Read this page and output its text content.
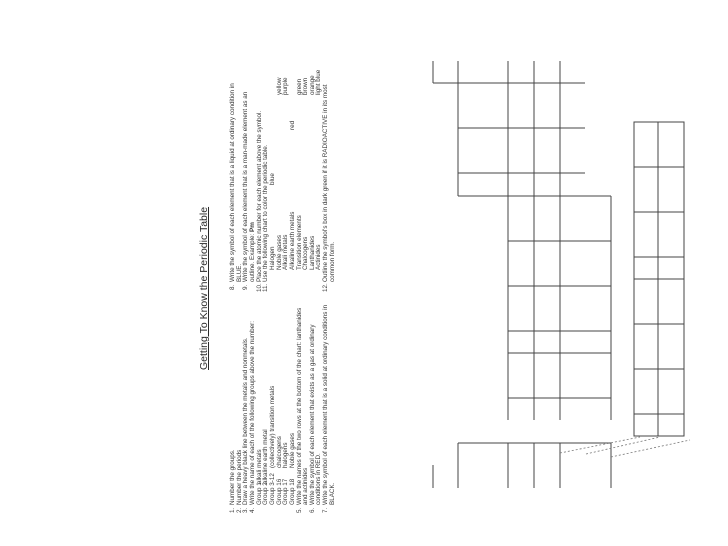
Getting To Know the Periodic Table
1.
Number the groups.
2.
Number the periods
3.
Draw a heavy black line between the metals and nonmetals.
4.
Write the name of each of the following groups above the number: Group 1
alkali metals
Group 2
alkaline earth metal
Group 3-12
(collectively) transition metals
Group 16
chalcogens
Group 17
halogens
Group 18
Noble gases
5.
Write the names of the two rows at the bottom of the chart: lanthanides and actinides
6.
Write the symbol of each element that exists as a gas at ordinary conditions in RED.
7.
Write the symbol of each element that is a solid at ordinary conditions in BLACK.
8.
Write the symbol of each element that is a liquid at ordinary condition in BLUE.
9.
Write the symbol of each element that is a man-made element as an outline. Example: Pm
10.
Place the atomic number for each element above the symbol.
11.
Use the following chart to color the periodic table. Halogen
blue
Noble gases
yellow
Alkali metals
purple
Alkaline earth metals
red
Transition elements
green
Chalcogens
brown
Lanthanides
orange
Actinides
light blue
12.
Outline the symbol's box in dark green if it is RADIOACTIVE in its most common form.
